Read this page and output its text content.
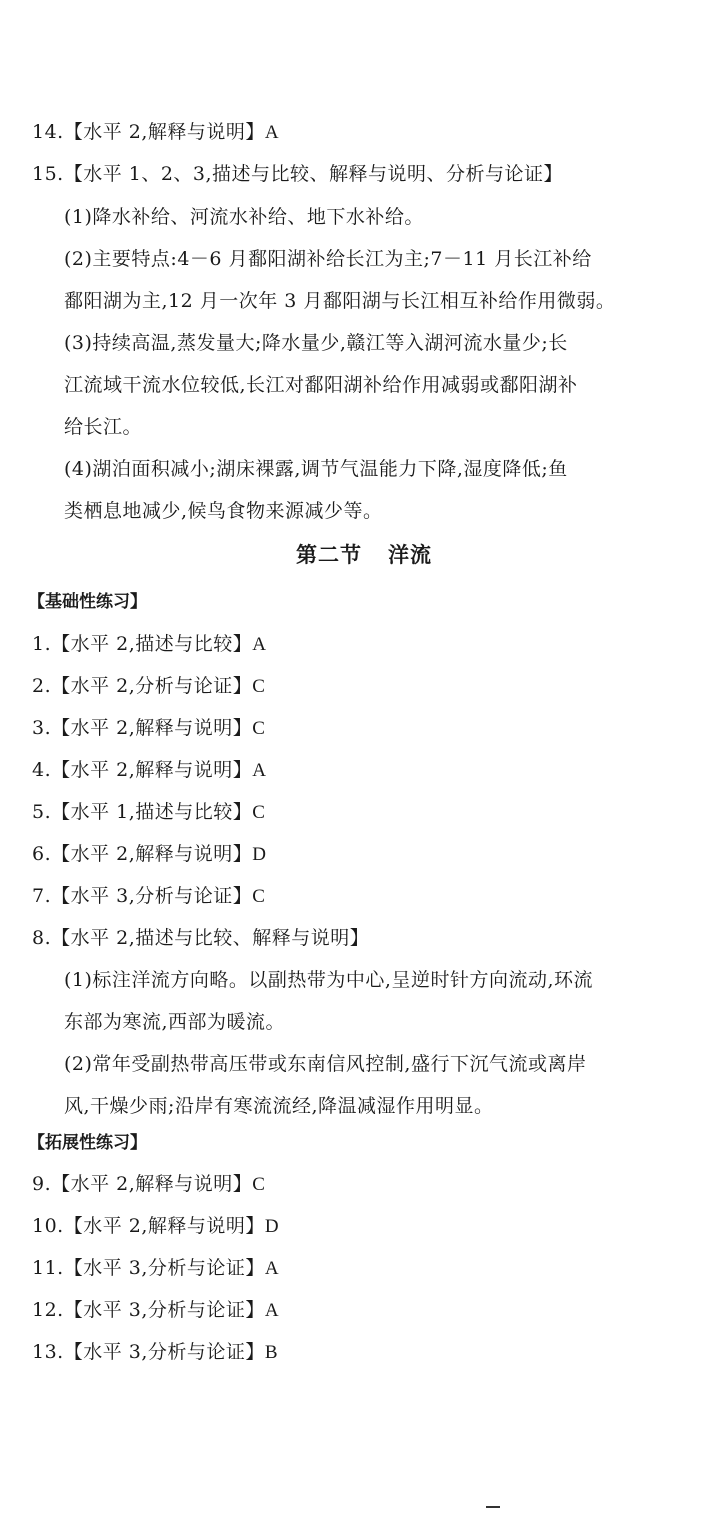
14.【水平 2,解释与说明】A
15.【水平 1、2、3,描述与比较、解释与说明、分析与论证】
(1)降水补给、河流水补给、地下水补给。
(2)主要特点:4－6 月鄱阳湖补给长江为主;7－11 月长江补给
鄱阳湖为主,12 月一次年 3 月鄱阳湖与长江相互补给作用微弱。
(3)持续高温,蒸发量大;降水量少,赣江等入湖河流水量少;长
江流域干流水位较低,长江对鄱阳湖补给作用减弱或鄱阳湖补
给长江。
(4)湖泊面积减小;湖床裸露,调节气温能力下降,湿度降低;鱼
类栖息地减少,候鸟食物来源减少等。
第二节 洋流
【基础性练习】
1.【水平 2,描述与比较】A
2.【水平 2,分析与论证】C
3.【水平 2,解释与说明】C
4.【水平 2,解释与说明】A
5.【水平 1,描述与比较】C
6.【水平 2,解释与说明】D
7.【水平 3,分析与论证】C
8.【水平 2,描述与比较、解释与说明】
(1)标注洋流方向略。以副热带为中心,呈逆时针方向流动,环流
东部为寒流,西部为暖流。
(2)常年受副热带高压带或东南信风控制,盛行下沉气流或离岸
风,干燥少雨;沿岸有寒流流经,降温减湿作用明显。
【拓展性练习】
9.【水平 2,解释与说明】C
10.【水平 2,解释与说明】D
11.【水平 3,分析与论证】A
12.【水平 3,分析与论证】A
13.【水平 3,分析与论证】B
